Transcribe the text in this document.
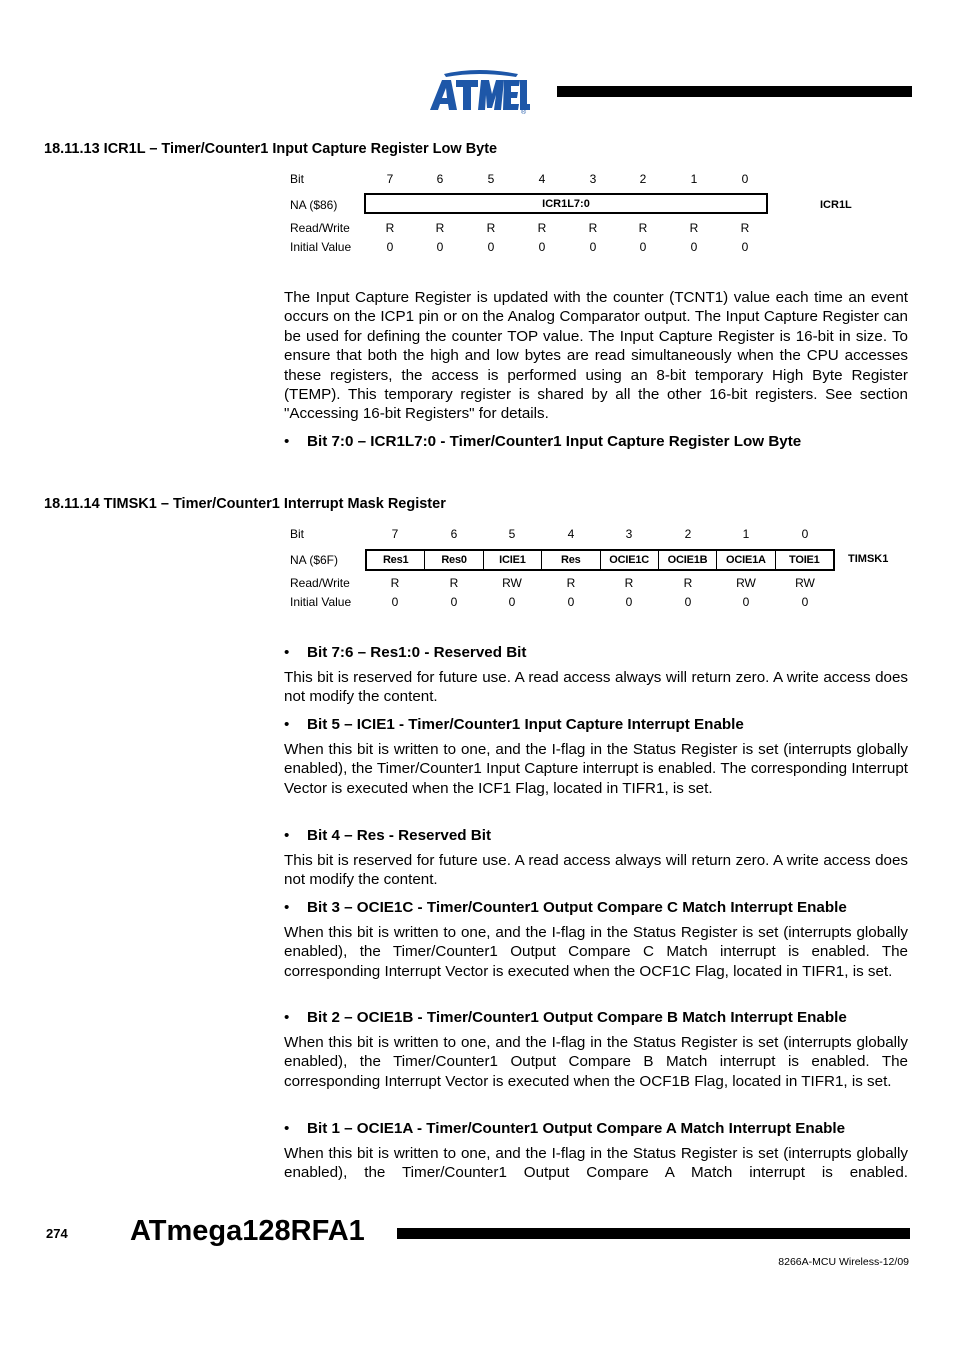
®
18.11.13 ICR1L – Timer/Counter1 Input Capture Register Low Byte
Bit	7	6	5	4	3	2	1	0
NA ($86)	ICR1L7:0	ICR1L
Read/Write	R	R	R	R	R	R	R	R
Initial Value	0	0	0	0	0	0	0	0
The Input Capture Register is updated with the counter (TCNT1) value each time an event occurs on the ICP1 pin or on the Analog Comparator output. The Input Capture Register can be used for defining the counter TOP value. The Input Capture Register is 16-bit in size. To ensure that both the high and low bytes are read simultaneously when the CPU accesses these registers, the access is performed using an 8-bit temporary High Byte Register (TEMP). This temporary register is shared by all the other 16-bit registers. See section "Accessing 16-bit Registers" for details.
• Bit 7:0 – ICR1L7:0 - Timer/Counter1 Input Capture Register Low Byte
18.11.14 TIMSK1 – Timer/Counter1 Interrupt Mask Register
Bit	7	6	5	4	3	2	1	0
NA ($6F)	Res1	Res0	ICIE1	Res	OCIE1C	OCIE1B	OCIE1A	TOIE1	TIMSK1
Read/Write	R	R	RW	R	R	R	RW	RW
Initial Value	0	0	0	0	0	0	0	0
• Bit 7:6 – Res1:0 - Reserved Bit
This bit is reserved for future use. A read access always will return zero. A write access does not modify the content.
• Bit 5 – ICIE1 - Timer/Counter1 Input Capture Interrupt Enable
When this bit is written to one, and the I-flag in the Status Register is set (interrupts globally enabled), the Timer/Counter1 Input Capture interrupt is enabled. The corresponding Interrupt Vector is executed when the ICF1 Flag, located in TIFR1, is set.
• Bit 4 – Res - Reserved Bit
This bit is reserved for future use. A read access always will return zero. A write access does not modify the content.
• Bit 3 – OCIE1C - Timer/Counter1 Output Compare C Match Interrupt Enable
When this bit is written to one, and the I-flag in the Status Register is set (interrupts globally enabled), the Timer/Counter1 Output Compare C Match interrupt is enabled. The corresponding Interrupt Vector is executed when the OCF1C Flag, located in TIFR1, is set.
• Bit 2 – OCIE1B - Timer/Counter1 Output Compare B Match Interrupt Enable
When this bit is written to one, and the I-flag in the Status Register is set (interrupts globally enabled), the Timer/Counter1 Output Compare B Match interrupt is enabled. The corresponding Interrupt Vector is executed when the OCF1B Flag, located in TIFR1, is set.
• Bit 1 – OCIE1A - Timer/Counter1 Output Compare A Match Interrupt Enable
When this bit is written to one, and the I-flag in the Status Register is set (interrupts globally enabled), the Timer/Counter1 Output Compare A Match interrupt is enabled.
274 ATmega128RFA1
8266A-MCU Wireless-12/09
